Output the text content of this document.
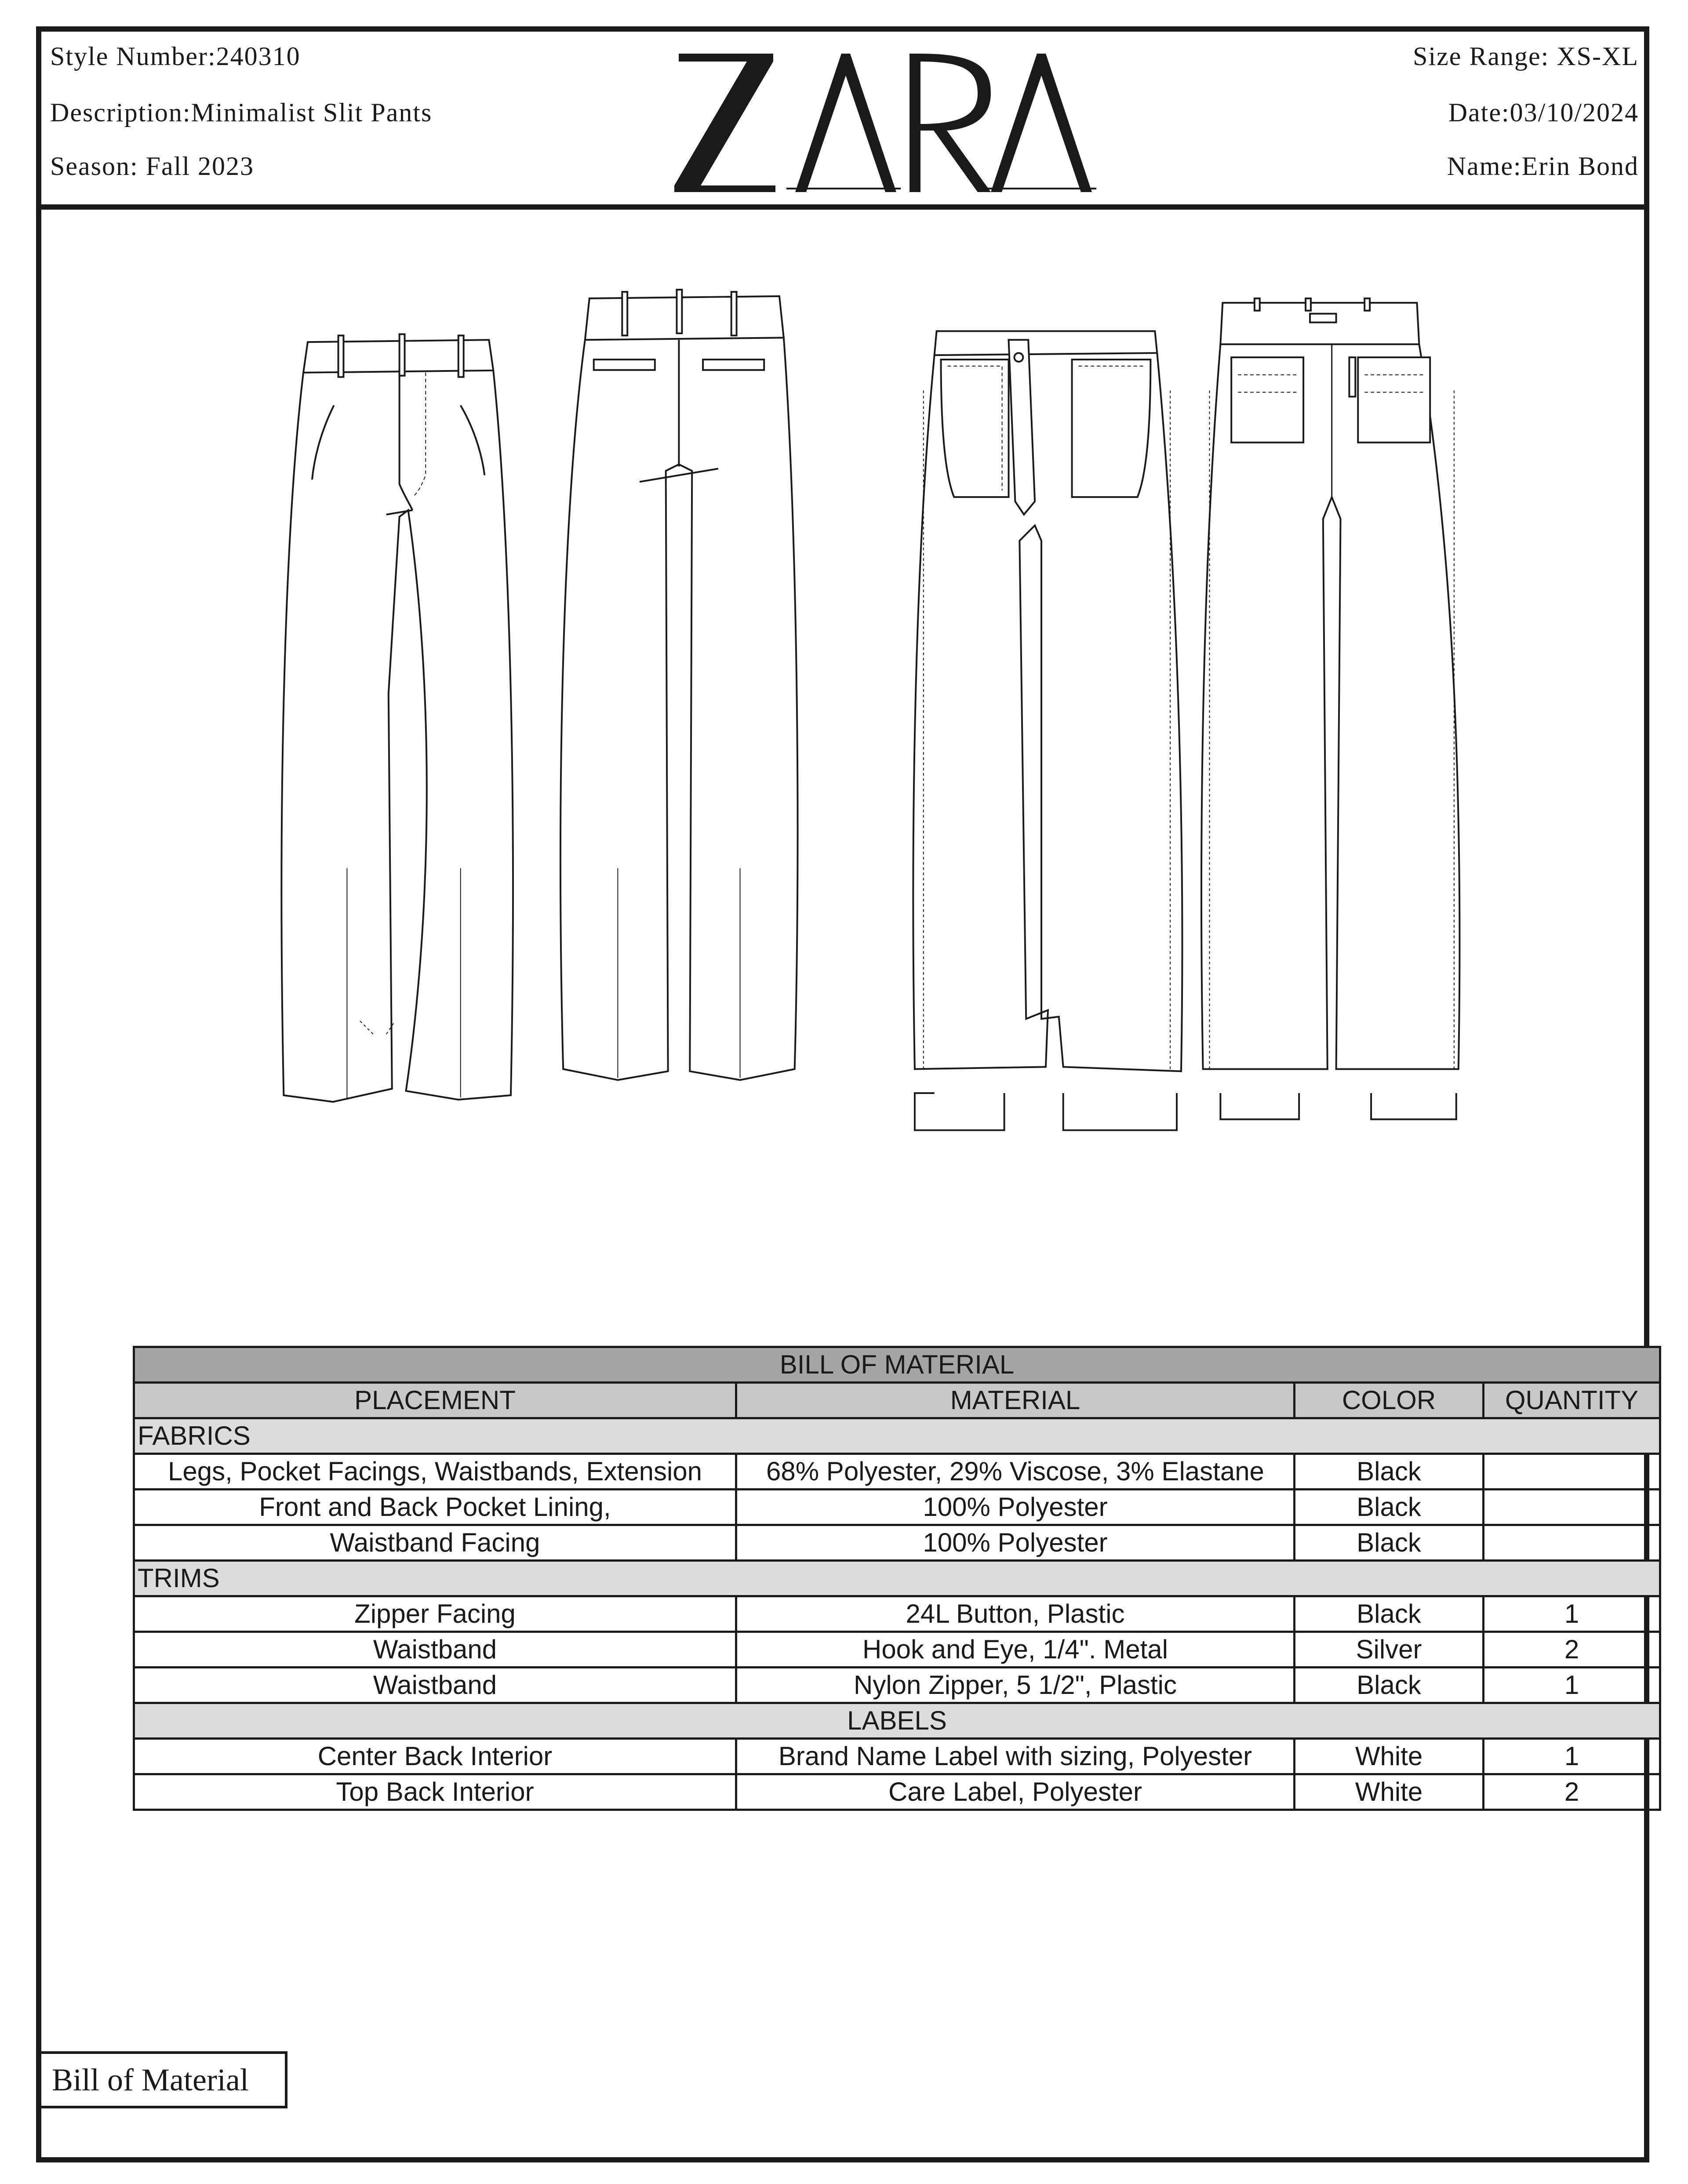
Style Number:240310
Description:Minimalist Slit Pants
Season: Fall 2023
Size Range: XS-XL
Date:03/10/2024
Name:Erin Bond
BILL OF MATERIAL			
PLACEMENT	MATERIAL	COLOR	QUANTITY
FABRICS			
Legs, Pocket Facings, Waistbands, Extension	68% Polyester, 29% Viscose, 3% Elastane	Black	
Front and Back Pocket Lining,	100% Polyester	Black	
Waistband Facing	100% Polyester	Black	
TRIMS			
Zipper Facing	24L Button, Plastic	Black	1
Waistband	Hook and Eye, 1/4". Metal	Silver	2
Waistband	Nylon Zipper, 5 1/2", Plastic	Black	1
LABELS			
Center Back Interior	Brand Name Label with sizing, Polyester	White	1
Top Back Interior	Care Label, Polyester	White	2
Bill of Material
